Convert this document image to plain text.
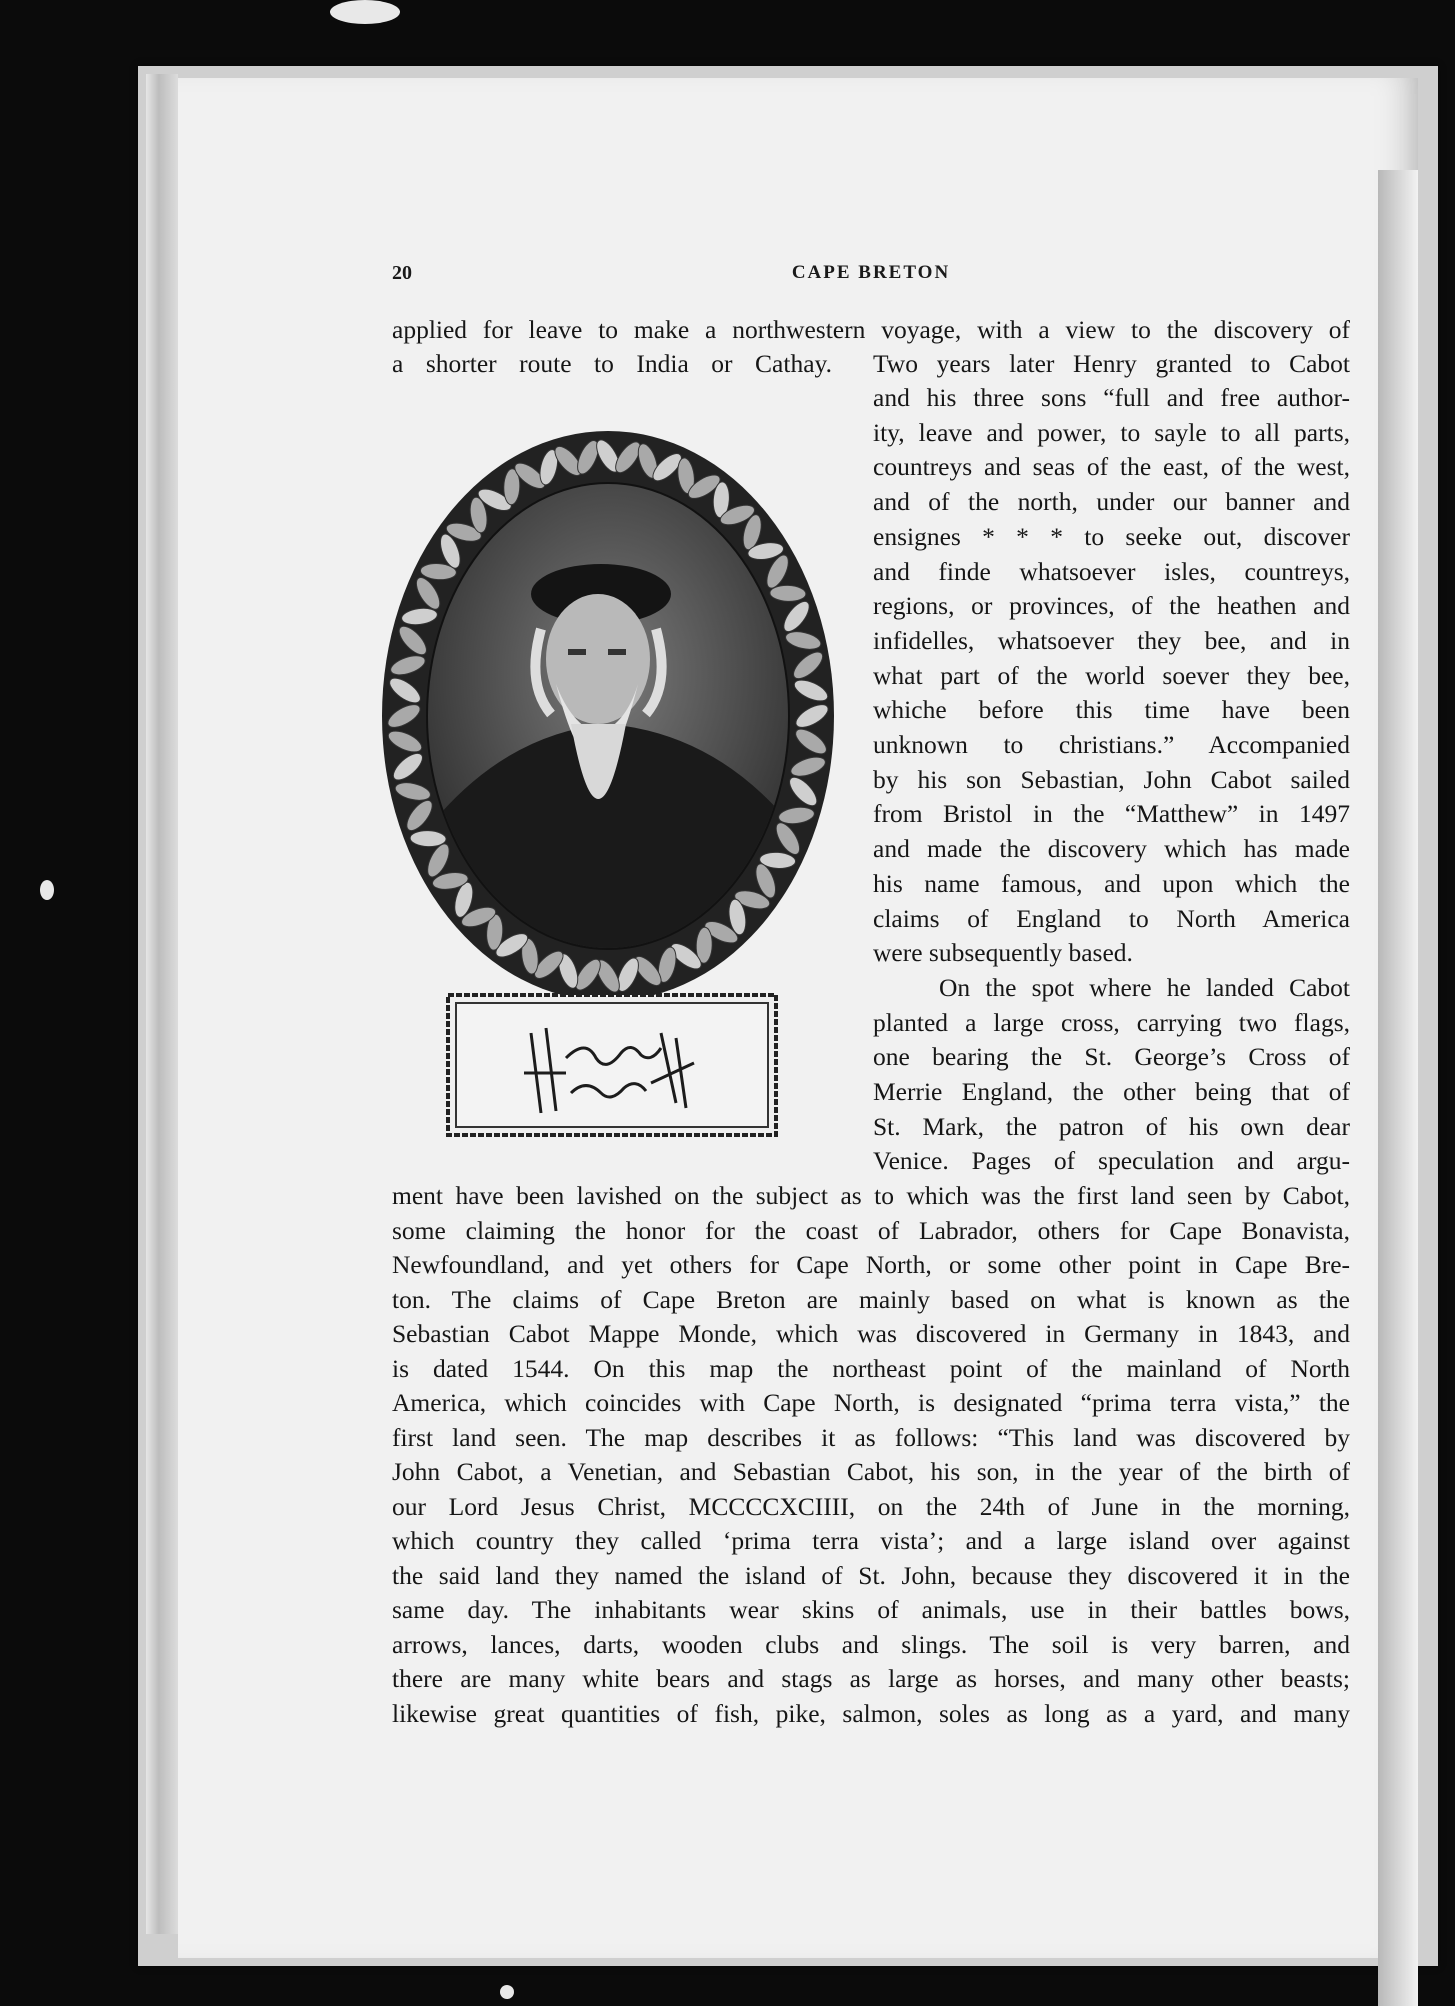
20	CAPE BRETON
applied for leave to make a northwestern voyage, with a view to the discovery of
a shorter route to India or Cathay. Two years later Henry granted to Cabot
and his three sons “full and free author-
ity, leave and power, to sayle to all parts,
countreys and seas of the east, of the west,
and of the north, under our banner and
ensignes * * * to seeke out, discover
and finde whatsoever isles, countreys,
regions, or provinces, of the heathen and
infidelles, whatsoever they bee, and in
what part of the world soever they bee,
whiche before this time have been
unknown to christians.” Accompanied
by his son Sebastian, John Cabot sailed
from Bristol in the “Matthew” in 1497
and made the discovery which has made
his name famous, and upon which the
claims of England to North America
were subsequently based.
On the spot where he landed Cabot
planted a large cross, carrying two flags,
one bearing the St. George’s Cross of
Merrie England, the other being that of
St. Mark, the patron of his own dear
Venice. Pages of speculation and argu-
ment have been lavished on the subject as to which was the first land seen by Cabot,
some claiming the honor for the coast of Labrador, others for Cape Bonavista,
Newfoundland, and yet others for Cape North, or some other point in Cape Bre-
ton. The claims of Cape Breton are mainly based on what is known as the
Sebastian Cabot Mappe Monde, which was discovered in Germany in 1843, and
is dated 1544. On this map the northeast point of the mainland of North
America, which coincides with Cape North, is designated “prima terra vista,” the
first land seen. The map describes it as follows: “This land was discovered by
John Cabot, a Venetian, and Sebastian Cabot, his son, in the year of the birth of
our Lord Jesus Christ, MCCCCXCIIII, on the 24th of June in the morning,
which country they called ‘prima terra vista’; and a large island over against
the said land they named the island of St. John, because they discovered it in the
same day. The inhabitants wear skins of animals, use in their battles bows,
arrows, lances, darts, wooden clubs and slings. The soil is very barren, and
there are many white bears and stags as large as horses, and many other beasts;
likewise great quantities of fish, pike, salmon, soles as long as a yard, and many
